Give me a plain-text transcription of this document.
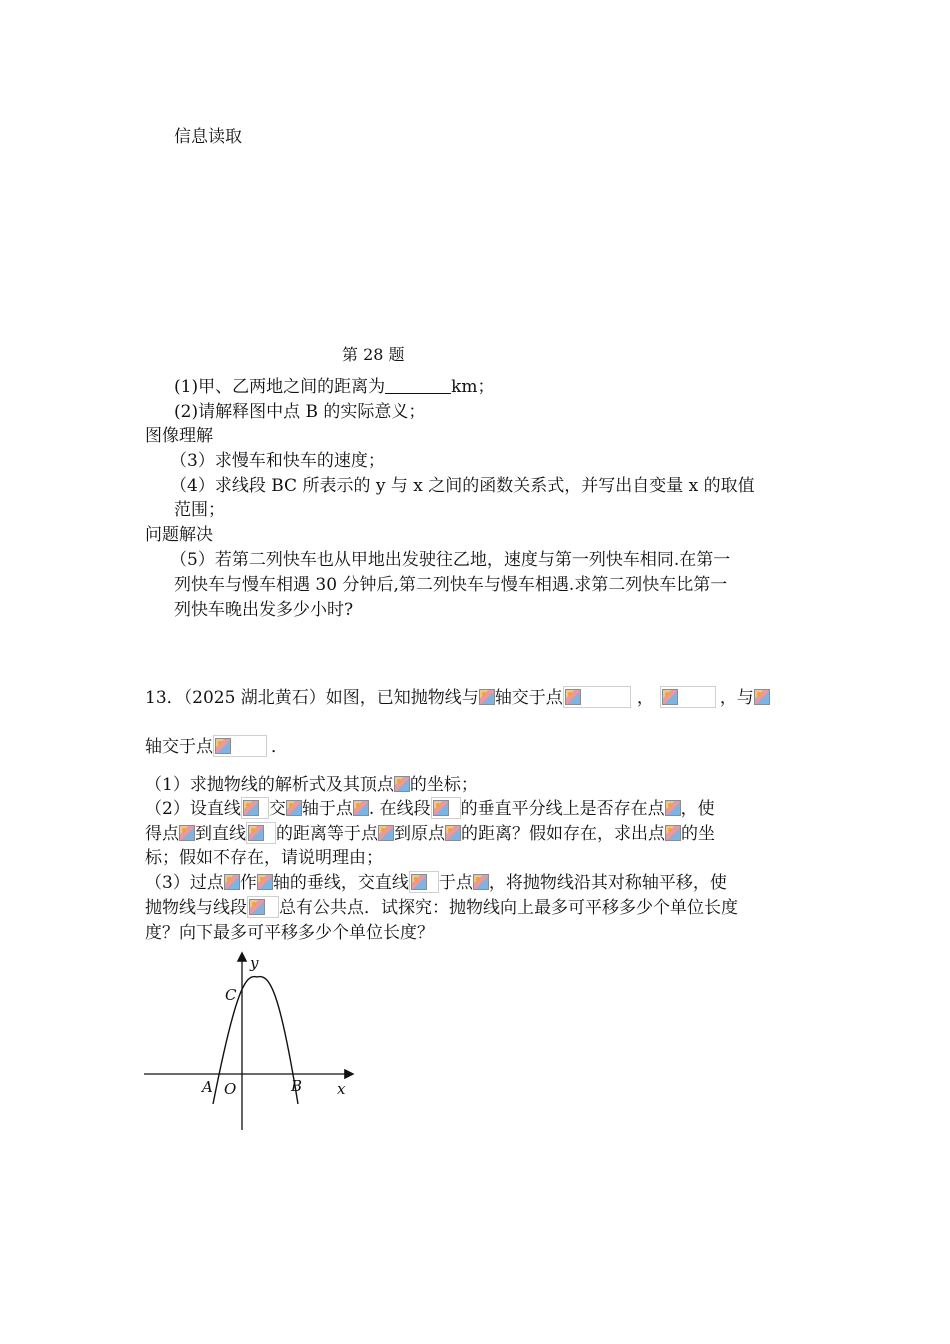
信息读取
第 28 题
(1)甲、乙两地之间的距离为	km；
(2)请解释图中点 B 的实际意义；
图像理解
（3）求慢车和快车的速度；
（4）求线段 BC 所表示的 y 与 x 之间的函数关系式，并写出自变量 x 的取值
范围；
问题解决
（5）若第二列快车也从甲地出发驶往乙地，速度与第一列快车相同.在第一
列快车与慢车相遇 30 分钟后,第二列快车与慢车相遇.求第二列快车比第一
列快车晚出发多少小时?
13．（2025 湖北黄石）如图，已知抛物线与 轴交于点	，	，与
轴交于点	．
（1）求抛物线的解析式及其顶点 的坐标；
（2）设直线 交 轴于点 . 在线段 的垂直平分线上是否存在点 ，使
得点 到直线 的距离等于点 到原点 的距离？假如存在，求出点 的坐
标；假如不存在，请说明理由；
（3）过点 作 轴的垂线，交直线 于点 ，将抛物线沿其对称轴平移，使
抛物线与线段 总有公共点．试探究：抛物线向上最多可平移多少个单位长度
度？向下最多可平移多少个单位长度？
y
x
C
A O	B
